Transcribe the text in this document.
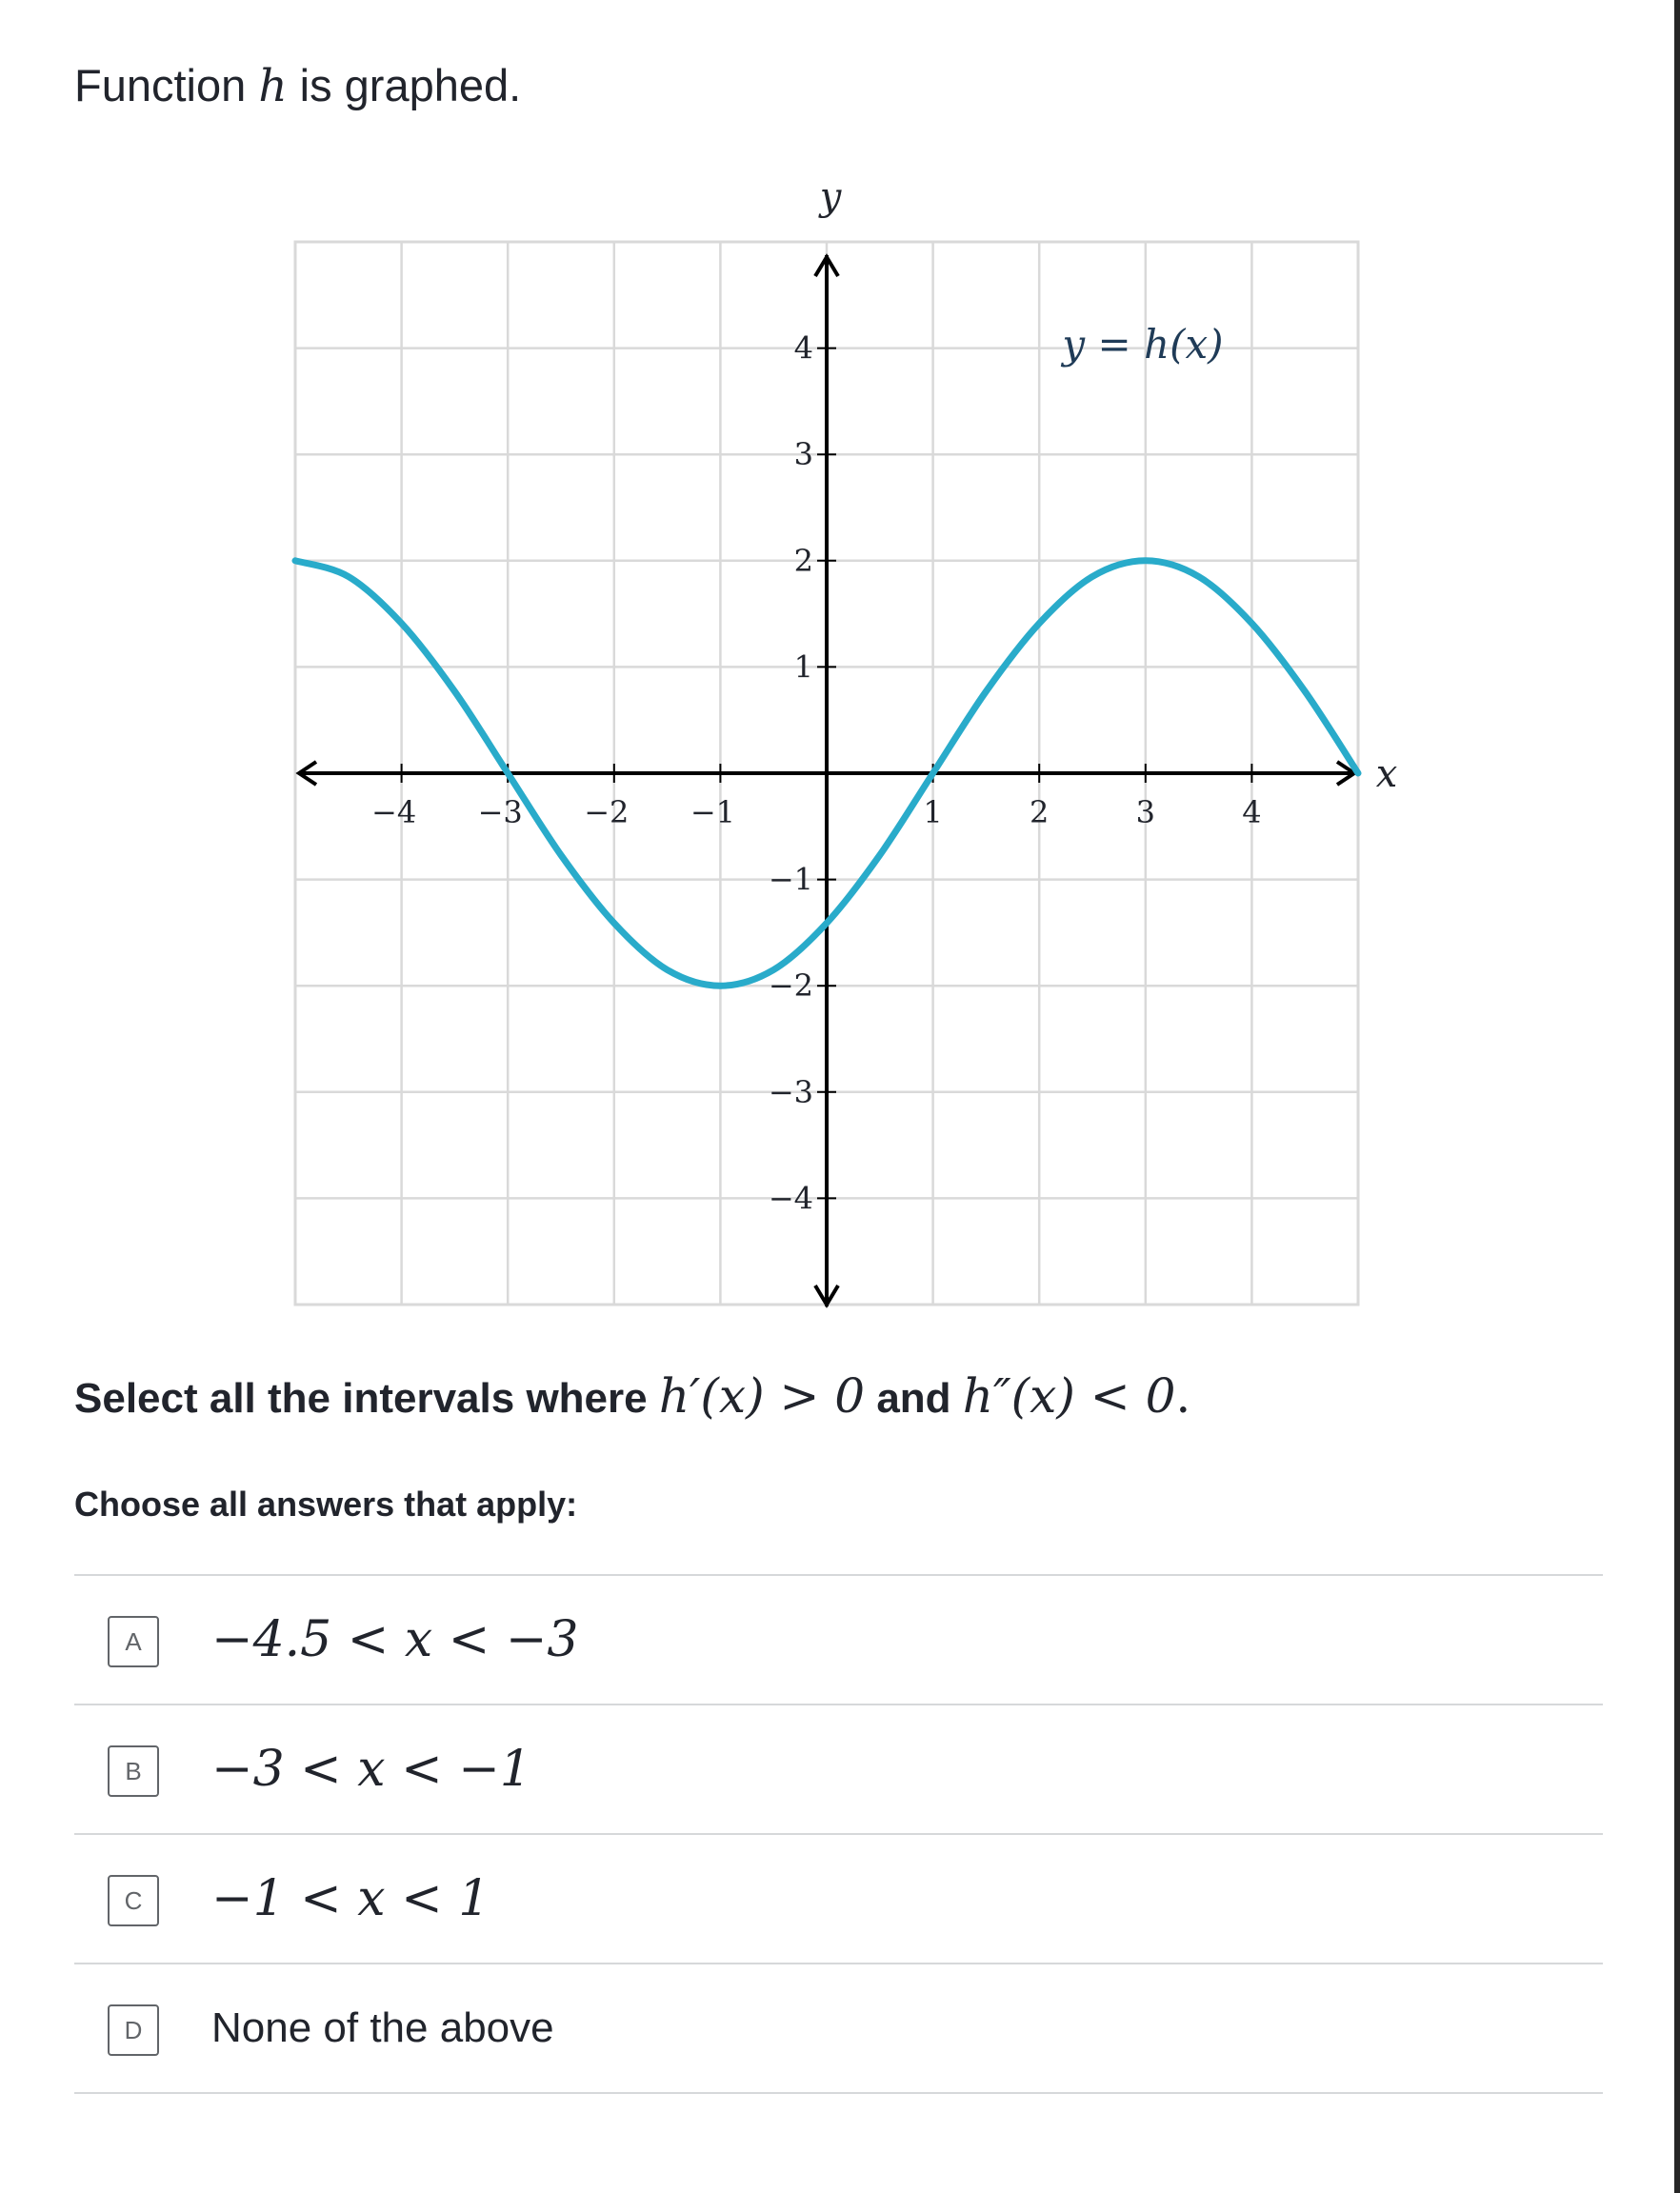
Function h is graphed.
−4 −3 −2 −1	1	2	3	4
4
3
2
1
−1
−2
−3
−4
y = h(x)
x
y
Select all the intervals where h′(x) > 0 and h″(x) < 0.
Choose all answers that apply:
A	−4.5 < x < −3
B	−3 < x < −1
C	−1 < x < 1
D	None of the above
